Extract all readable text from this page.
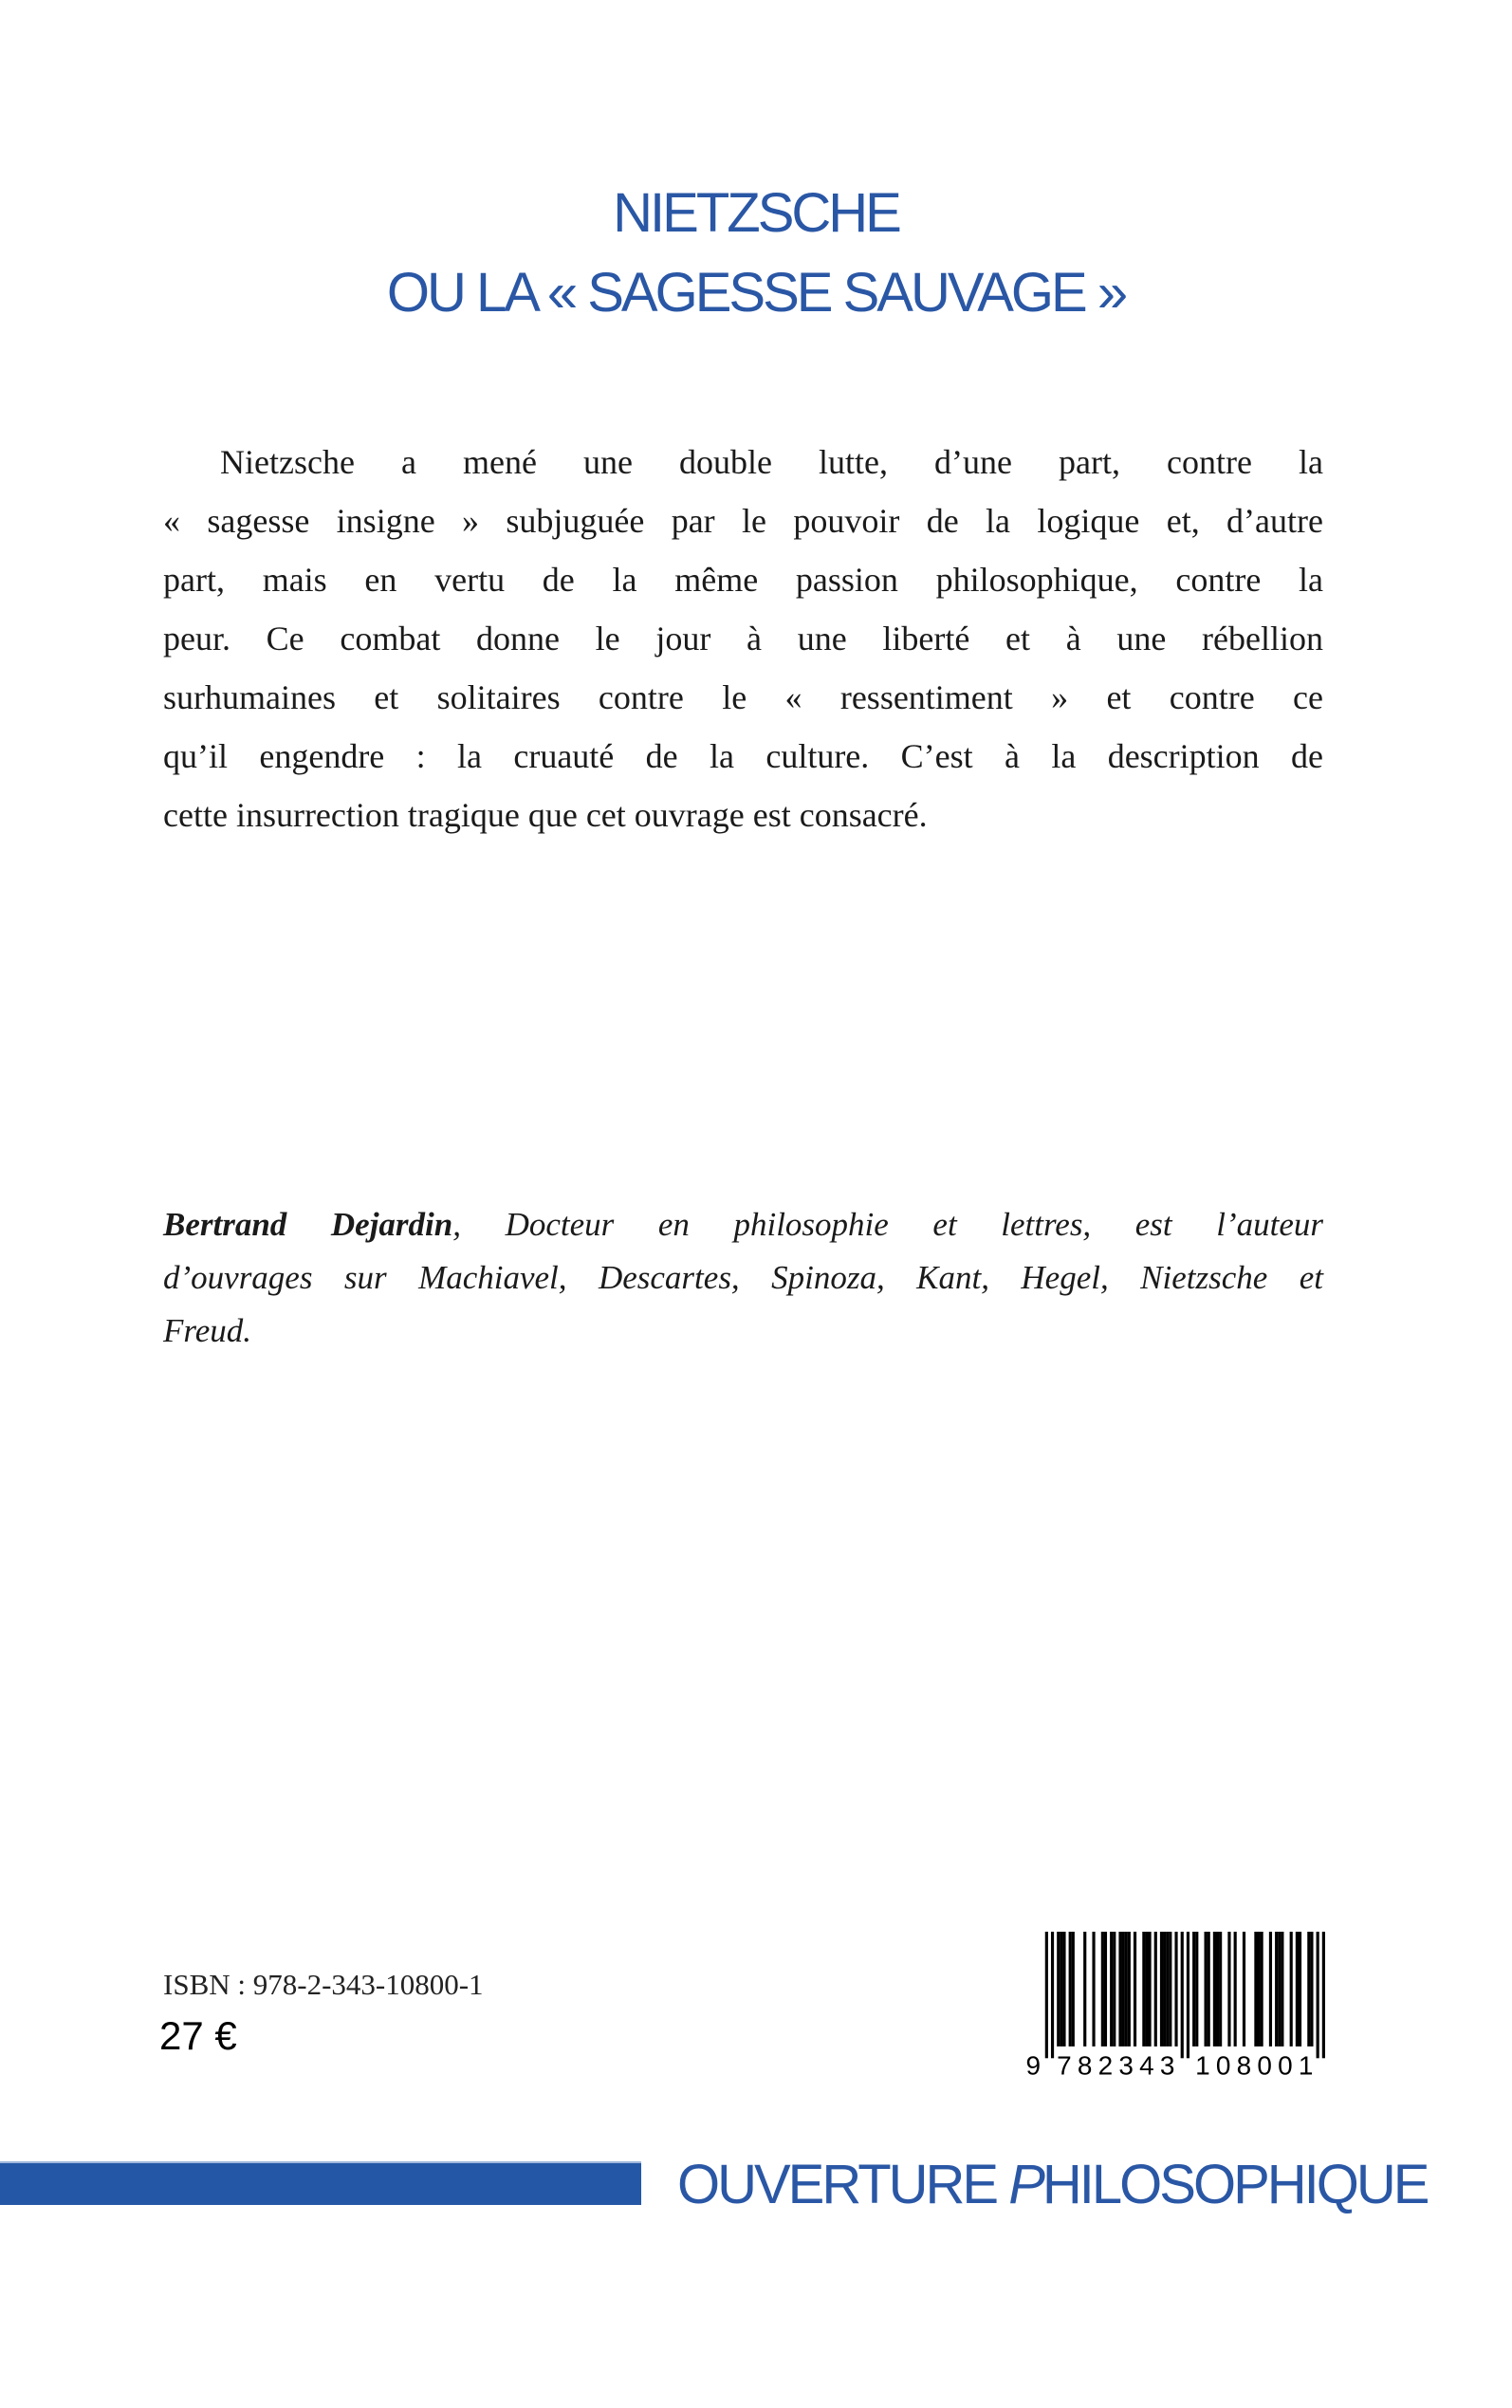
NIETZSCHE
OU LA « SAGESSE SAUVAGE »
Nietzsche a mené une double lutte, d’une part, contre la
« sagesse insigne » subjuguée par le pouvoir de la logique et, d’autre
part, mais en vertu de la même passion philosophique, contre la
peur. Ce combat donne le jour à une liberté et à une rébellion
surhumaines et solitaires contre le « ressentiment » et contre ce
qu’il engendre : la cruauté de la culture. C’est à la description de
cette insurrection tragique que cet ouvrage est consacré.
Bertrand Dejardin, Docteur en philosophie et lettres, est l’auteur
d’ouvrages sur Machiavel, Descartes, Spinoza, Kant, Hegel, Nietzsche et
Freud.
ISBN : 978-2-343-10800-1
27 €
9 7 8 2 3 4 3 1 0 8 0 0 1
OUVERTURE PHILOSOPHIQUE
